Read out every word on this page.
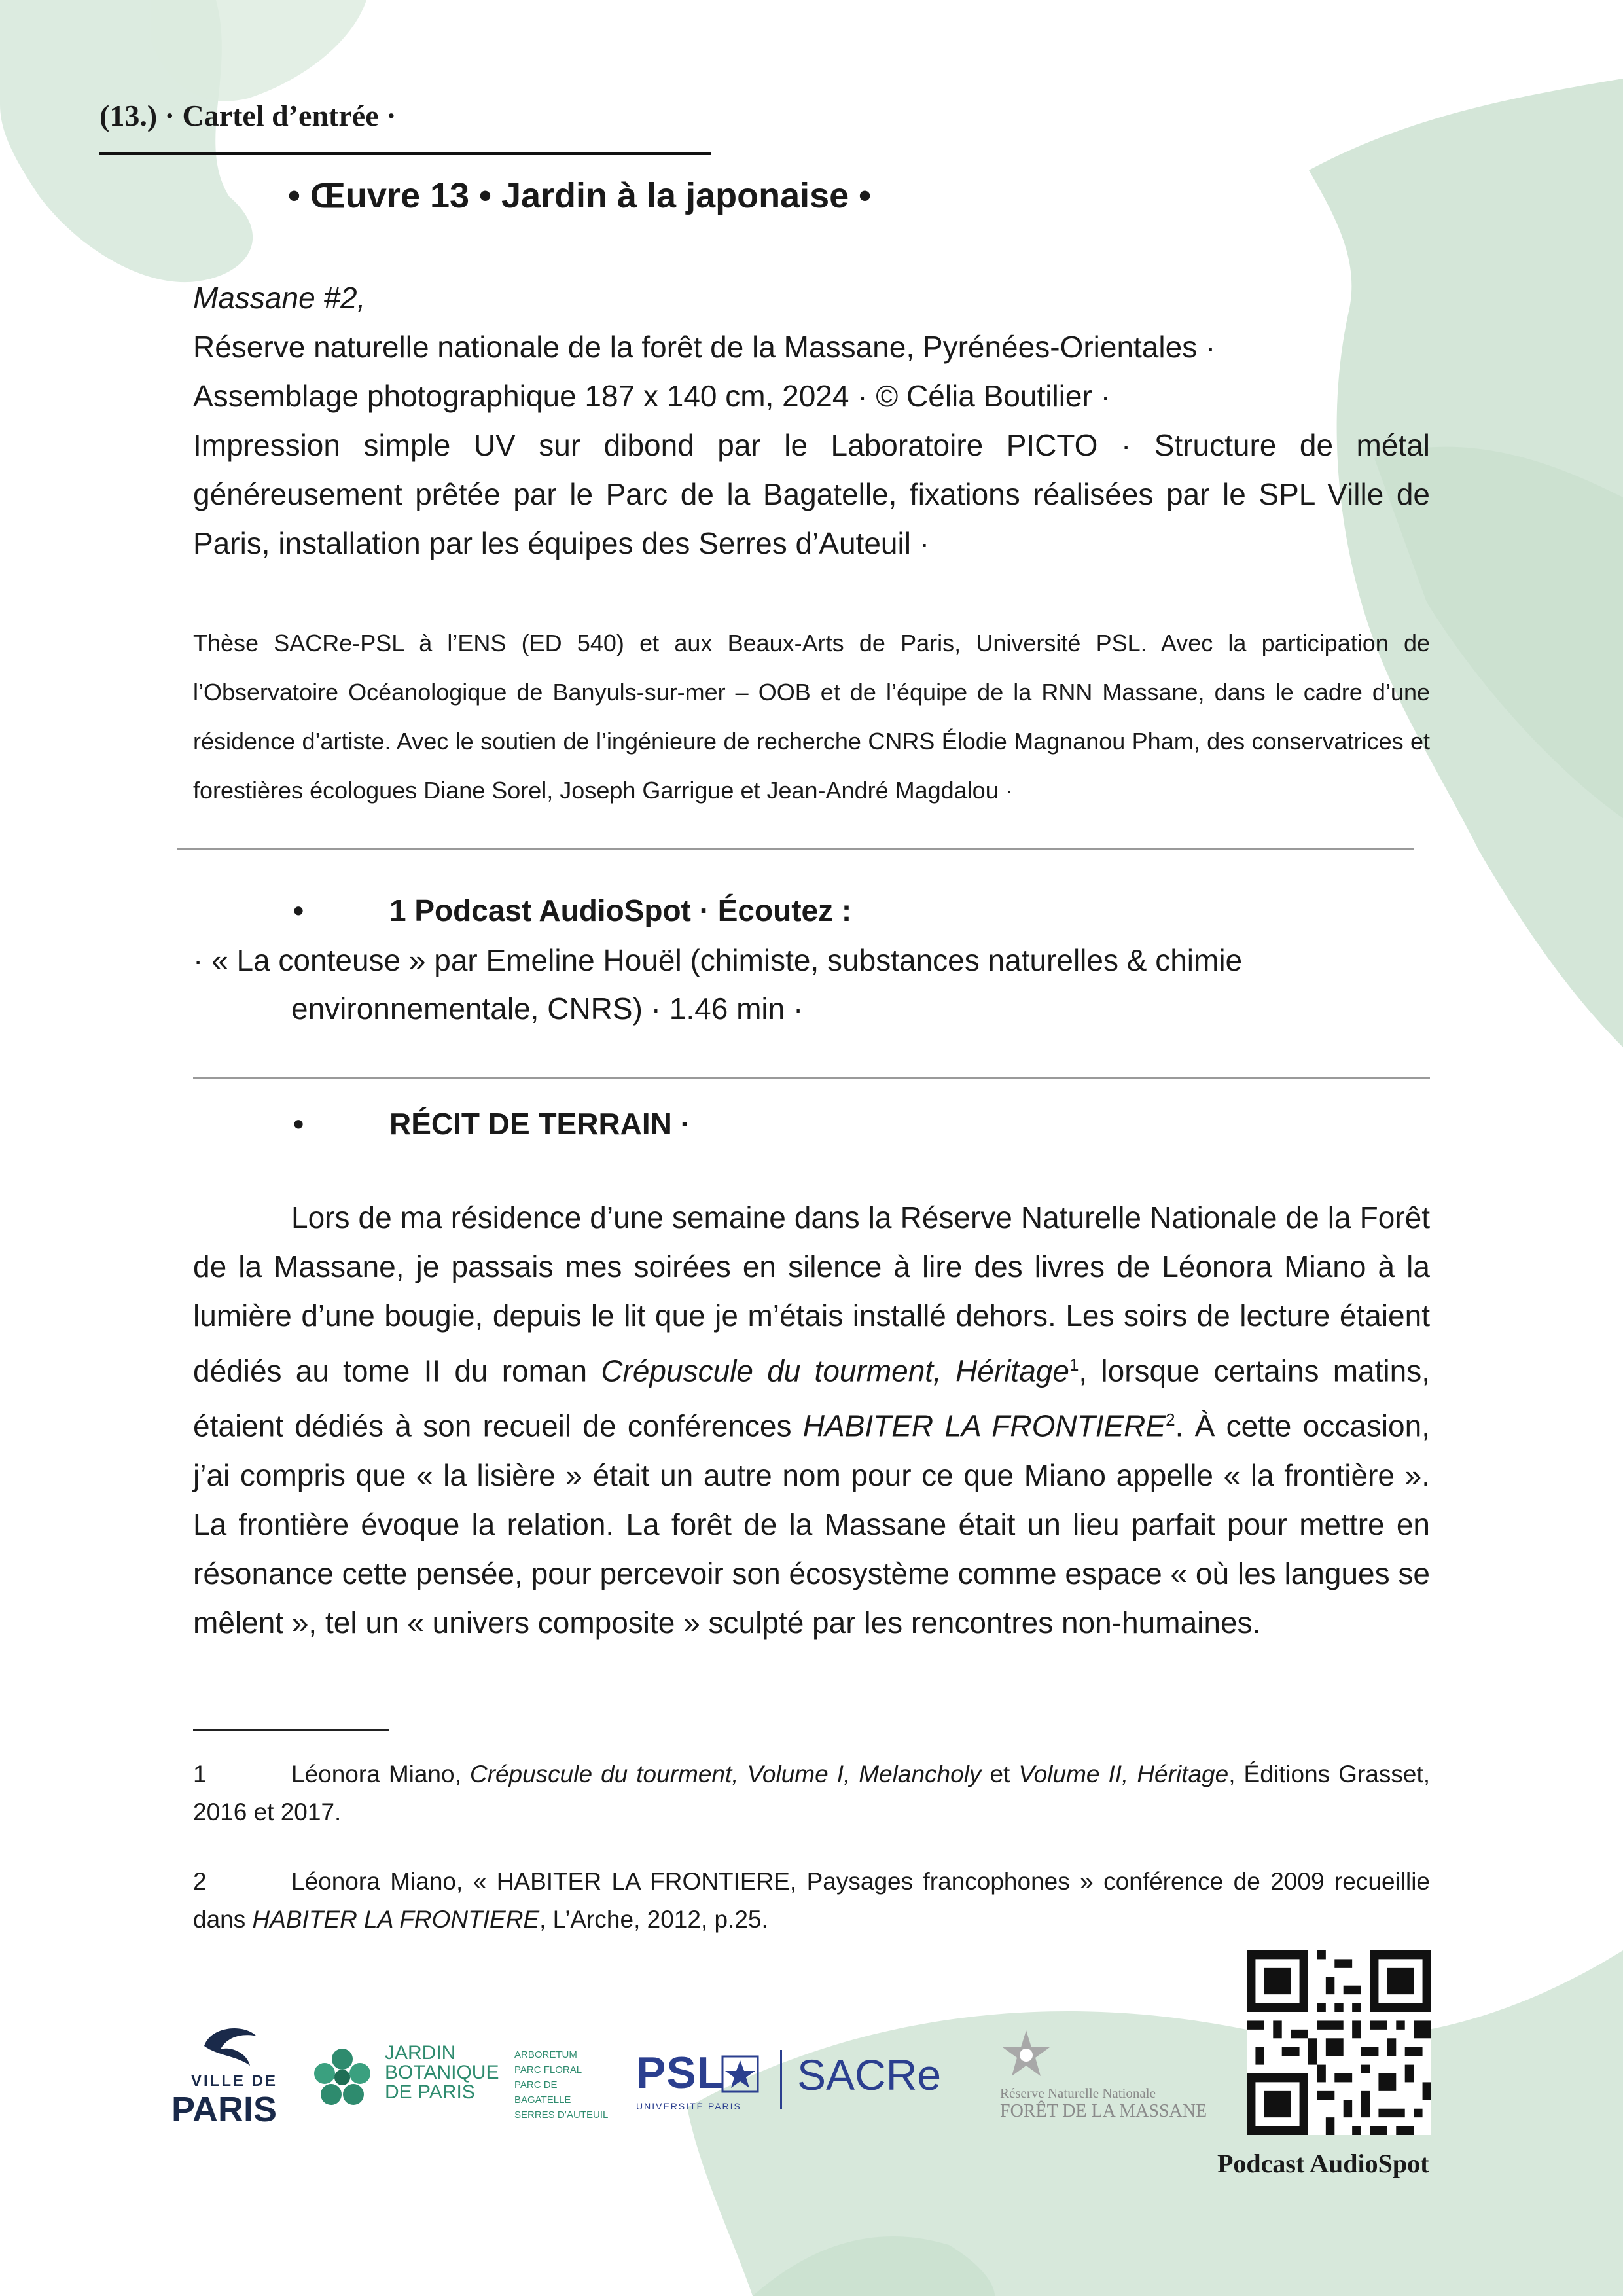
(13.) · Cartel d’entrée ·
• Œuvre 13 • Jardin à la japonaise •
Massane #2,
Réserve naturelle nationale de la forêt de la Massane, Pyrénées-Orientales ·
Assemblage photographique 187 x 140 cm, 2024 · © Célia Boutilier ·
Impression simple UV sur dibond par le Laboratoire PICTO · Structure de métal généreusement prêtée par le Parc de la Bagatelle, fixations réalisées par le SPL Ville de Paris, installation par les équipes des Serres d’Auteuil ·
Thèse SACRe-PSL à l’ENS (ED 540) et aux Beaux-Arts de Paris, Université PSL. Avec la participation de l’Observatoire Océanologique de Banyuls-sur-mer – OOB et de l’équipe de la RNN Massane, dans le cadre d’une résidence d’artiste. Avec le soutien de l’ingénieure de recherche CNRS Élodie Magnanou Pham, des conservatrices et forestières écologues Diane Sorel, Joseph Garrigue et Jean-André Magdalou ·
•	1 Podcast AudioSpot · Écoutez :
· « La conteuse » par Emeline Houël (chimiste, substances naturelles & chimie
environnementale, CNRS) · 1.46 min ·
•	RÉCIT DE TERRAIN ·
Lors de ma résidence d’une semaine dans la Réserve Naturelle Nationale de la Forêt de la Massane, je passais mes soirées en silence à lire des livres de Léonora Miano à la lumière d’une bougie, depuis le lit que je m’étais installé dehors. Les soirs de lecture étaient dédiés au tome II du roman Crépuscule du tourment, Héritage$^1$, lorsque certains matins, étaient dédiés à son recueil de conférences HABITER LA FRONTIERE$^2$. À cette occasion, j’ai compris que « la lisière » était un autre nom pour ce que Miano appelle « la frontière ». La frontière évoque la relation. La forêt de la Massane était un lieu parfait pour mettre en résonance cette pensée, pour percevoir son écosystème comme espace « où les langues se mêlent », tel un « univers composite » sculpté par les rencontres non-humaines.
1	Léonora Miano, Crépuscule du tourment, Volume I, Melancholy et Volume II, Héritage, Éditions Grasset, 2016 et 2017.
2	Léonora Miano, « HABITER LA FRONTIERE, Paysages francophones » conférence de 2009 recueillie dans HABITER LA FRONTIERE, L’Arche, 2012, p.25.
VILLE DE
PARIS
JARDIN
BOTANIQUE
DE PARIS
ARBORETUM
PARC FLORAL
PARC DE BAGATELLE
SERRES D’AUTEUIL
PSL
UNIVERSITÉ PARIS
SACRe	Réserve Naturelle Nationale
FORÊT DE LA MASSANE
Podcast AudioSpot
